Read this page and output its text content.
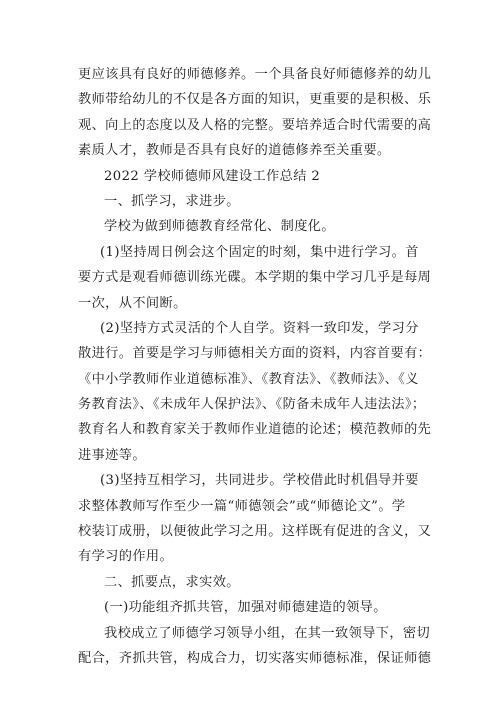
更应该具有良好的师德修养。一个具备良好师德修养的幼儿
教师带给幼儿的不仅是各方面的知识，更重要的是积极、乐
观、向上的态度以及人格的完整。要培养适合时代需要的高
素质人才，教师是否具有良好的道德修养至关重要。
2022 学校师德师风建设工作总结 2
一、抓学习，求进步。
学校为做到师德教育经常化、制度化。
(1)坚持周日例会这个固定的时刻，集中进行学习。首
要方式是观看师德训练光碟。本学期的集中学习几乎是每周
一次，从不间断。
(2)坚持方式灵活的个人自学。资料一致印发，学习分
散进行。首要是学习与师德相关方面的资料，内容首要有：
《中小学教师作业道德标准》、《教育法》、《教师法》、《义
务教育法》、《未成年人保护法》、《防备未成年人违法法》；
教育名人和教育家关于教师作业道德的论述；模范教师的先
进事迹等。
(3)坚持互相学习，共同进步。学校借此时机倡导并要
求整体教师写作至少一篇“师德领会”或“师德论文”。学
校装订成册，以便彼此学习之用。这样既有促进的含义，又
有学习的作用。
二、抓要点，求实效。
(一)功能组齐抓共管，加强对师德建造的领导。
我校成立了师德学习领导小组，在其一致领导下，密切
配合，齐抓共管，构成合力，切实落实师德标准，保证师德
